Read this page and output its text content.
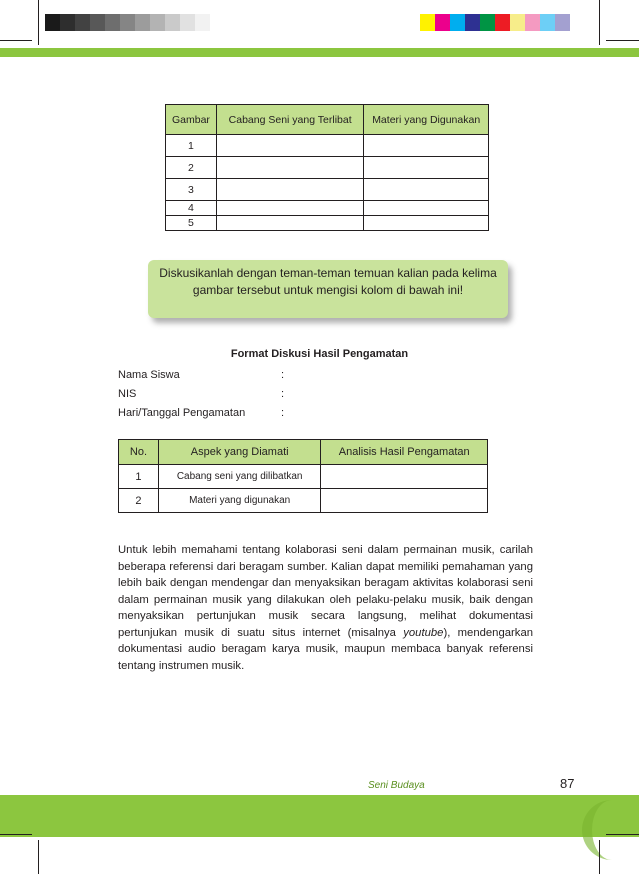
Gambar	Cabang Seni yang Terlibat	Materi yang Digunakan
1		
2		
3		
4		
5		
Diskusikanlah dengan teman-teman temuan kalian pada kelima gambar tersebut untuk mengisi kolom di bawah ini!
Format Diskusi Hasil Pengamatan
Nama Siswa	:
NIS	:
Hari/Tanggal Pengamatan	:
No.	Aspek yang Diamati	Analisis Hasil Pengamatan
1	Cabang seni yang dilibatkan	
2	Materi yang digunakan	

Untuk lebih memahami tentang kolaborasi seni dalam permainan musik, carilah beberapa referensi dari beragam sumber. Kalian dapat memiliki pemahaman yang lebih baik dengan mendengar dan menyaksikan beragam aktivitas kolaborasi seni dalam permainan musik yang dilakukan oleh pelaku-pelaku musik, baik dengan menyaksikan pertunjukan musik secara langsung, melihat dokumentasi pertunjukan musik di suatu situs internet (misalnya youtube), mendengarkan dokumentasi audio beragam karya musik, maupun membaca banyak referensi tentang instrumen musik.

Seni Budaya	87
